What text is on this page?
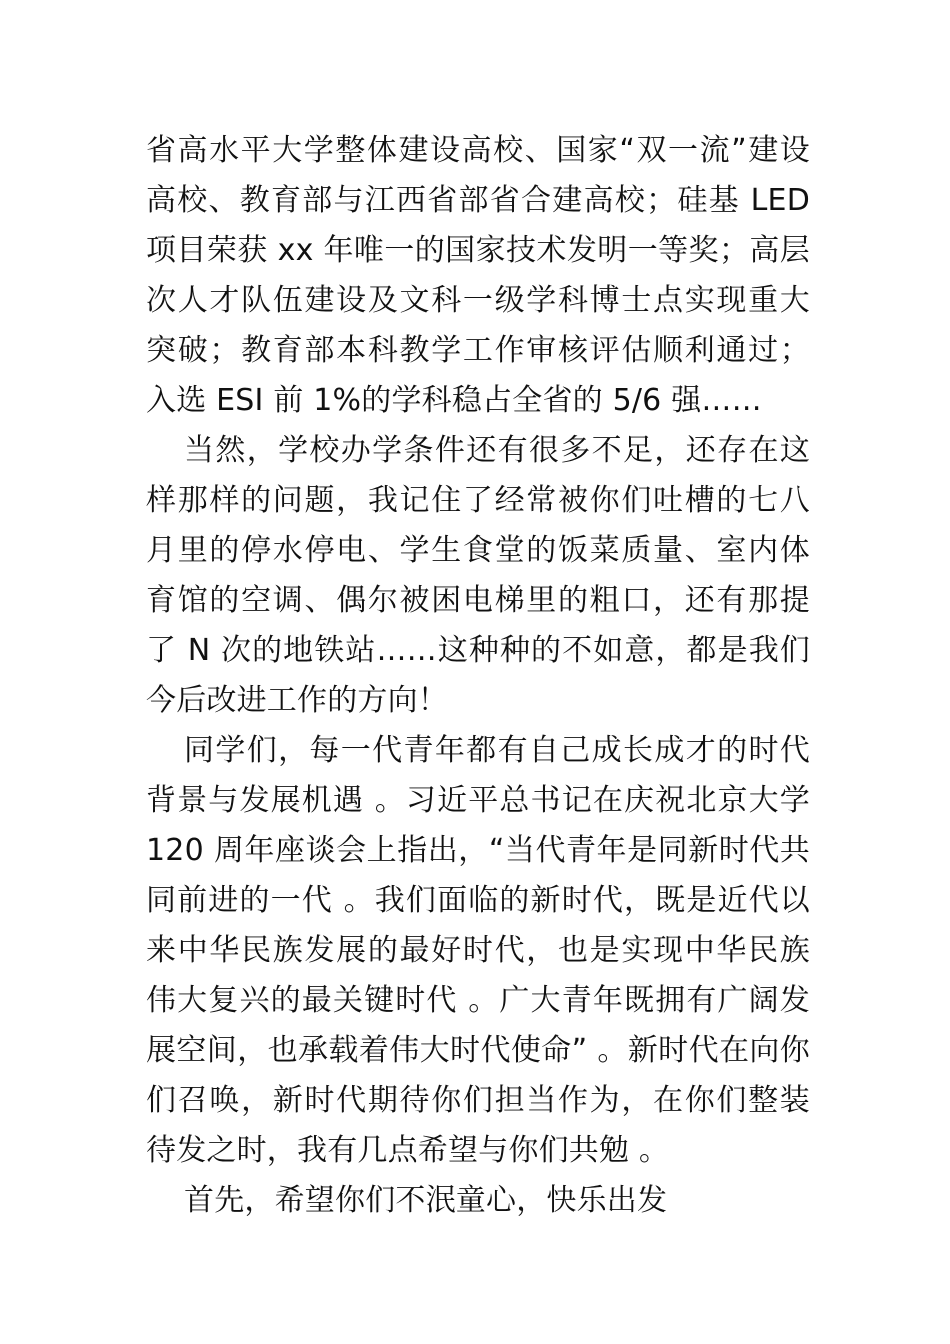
省高水平大学整体建设高校、国家“双一流”建设高校、教育部与江西省部省合建高校；硅基 LED 项目荣获 xx 年唯一的国家技术发明一等奖；高层次人才队伍建设及文科一级学科博士点实现重大突破；教育部本科教学工作审核评估顺利通过；入选 ESI 前 1%的学科稳占全省的 5/6 强……

当然，学校办学条件还有很多不足，还存在这样那样的问题，我记住了经常被你们吐槽的七八月里的停水停电、学生食堂的饭菜质量、室内体育馆的空调、偶尔被困电梯里的粗口，还有那提了 N 次的地铁站……这种种的不如意，都是我们今后改进工作的方向！

同学们，每一代青年都有自己成长成才的时代背景与发展机遇 。习近平总书记在庆祝北京大学 120 周年座谈会上指出，“当代青年是同新时代共同前进的一代 。我们面临的新时代，既是近代以来中华民族发展的最好时代，也是实现中华民族伟大复兴的最关键时代 。广大青年既拥有广阔发展空间，也承载着伟大时代使命” 。新时代在向你们召唤，新时代期待你们担当作为，在你们整装待发之时，我有几点希望与你们共勉 。

首先，希望你们不泯童心，快乐出发
